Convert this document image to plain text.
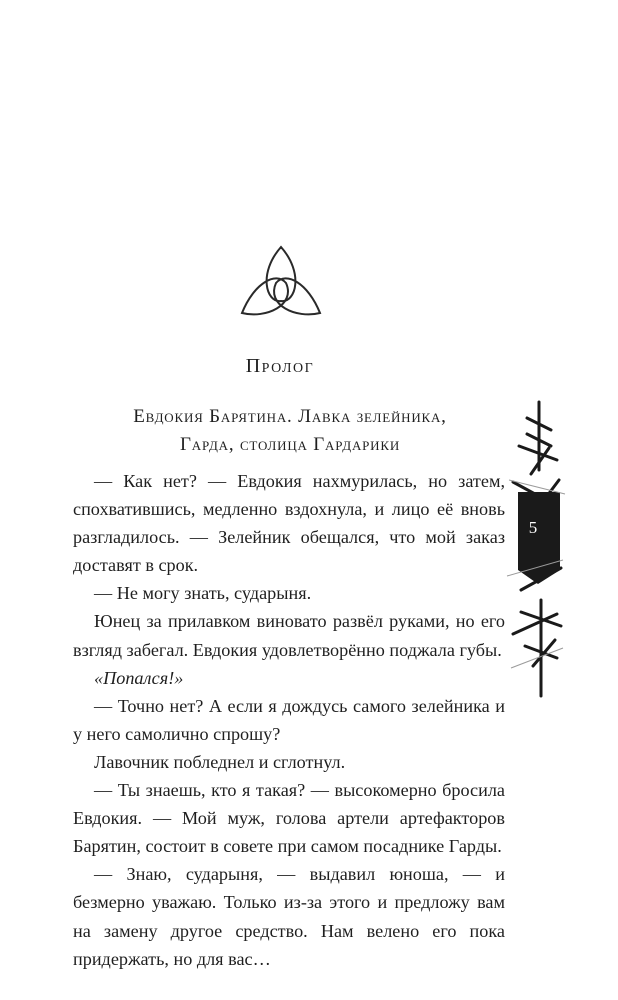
Пролог
Евдокия Барятина. Лавка зелейника,
Гарда, столица Гардарики

— Как нет? — Евдокия нахмурилась, но затем, спохватившись, медленно вздохнула, и лицо её вновь разгладилось. — Зелейник обещался, что мой заказ доставят в срок.

— Не могу знать, сударыня.

Юнец за прилавком виновато развёл руками, но его взгляд забегал. Евдокия удовлетворённо поджала губы.

«Попался!»

— Точно нет? А если я дождусь самого зелейника и у него самолично спрошу?

Лавочник побледнел и сглотнул.

— Ты знаешь, кто я такая? — высокомерно бросила Евдокия. — Мой муж, голова артели артефакторов Барятин, состоит в совете при самом посаднике Гарды.

— Знаю, сударыня, — выдавил юноша, — и безмерно уважаю. Только из-за этого и предложу вам на замену другое средство. Нам велено его пока придержать, но для вас…

5
